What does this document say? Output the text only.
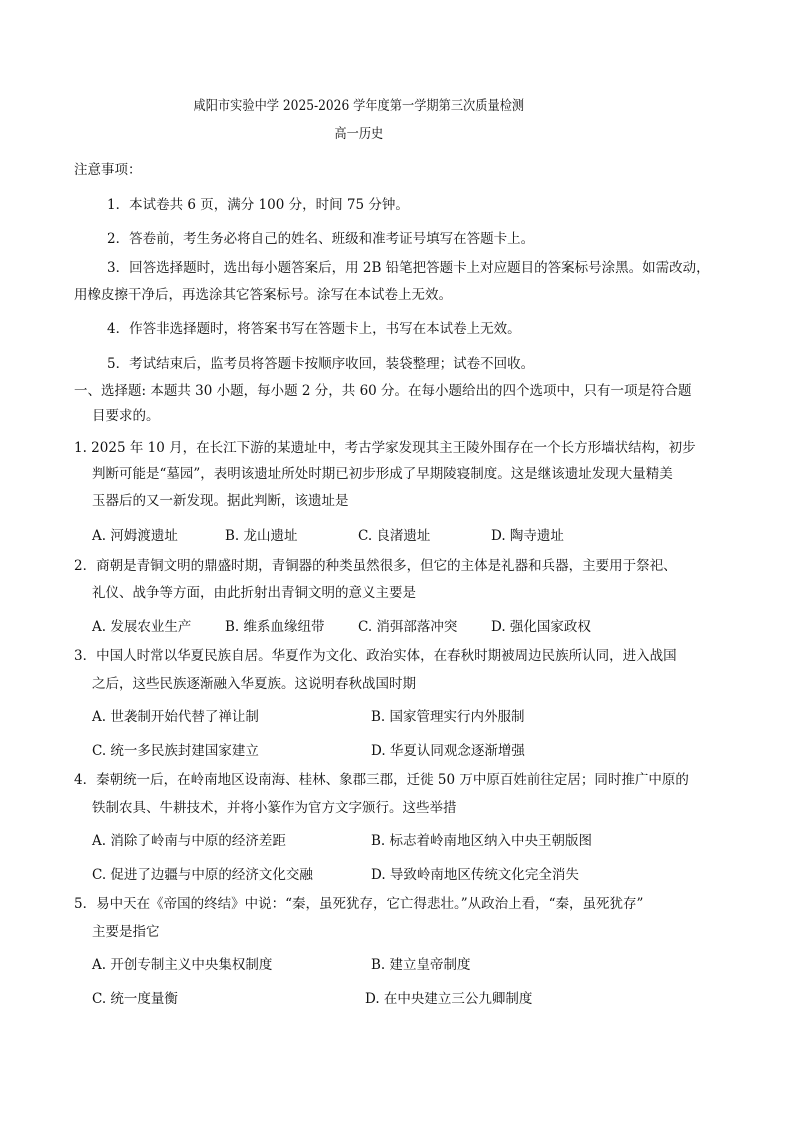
咸阳市实验中学 2025-2026 学年度第一学期第三次质量检测
高一历史
注意事项：
1．本试卷共 6 页，满分 100 分，时间 75 分钟。
2．答卷前，考生务必将自己的姓名、班级和准考证号填写在答题卡上。
3．回答选择题时，选出每小题答案后，用 2B 铅笔把答题卡上对应题目的答案标号涂黑。如需改动，
用橡皮擦干净后，再选涂其它答案标号。涂写在本试卷上无效。
4．作答非选择题时，将答案书写在答题卡上，书写在本试卷上无效。
5．考试结束后，监考员将答题卡按顺序收回，装袋整理；试卷不回收。
一、选择题: 本题共 30 小题，每小题 2 分，共 60 分。在每小题给出的四个选项中，只有一项是符合题
目要求的。
1. 2025 年 10 月，在长江下游的某遗址中，考古学家发现其主王陵外围存在一个长方形墙状结构，初步
判断可能是“墓园”，表明该遗址所处时期已初步形成了早期陵寝制度。这是继该遗址发现大量精美
玉器后的又一新发现。据此判断，该遗址是
A. 河姆渡遗址	B. 龙山遗址	C. 良渚遗址	D. 陶寺遗址
2．商朝是青铜文明的鼎盛时期，青铜器的种类虽然很多，但它的主体是礼器和兵器，主要用于祭祀、
礼仪、战争等方面，由此折射出青铜文明的意义主要是
A. 发展农业生产 B. 维系血缘纽带 C. 消弭部落冲突 D. 强化国家政权
3．中国人时常以华夏民族自居。华夏作为文化、政治实体，在春秋时期被周边民族所认同，进入战国
之后，这些民族逐渐融入华夏族。这说明春秋战国时期
A. 世袭制开始代替了禅让制	B. 国家管理实行内外服制
C. 统一多民族封建国家建立	D. 华夏认同观念逐渐增强
4．秦朝统一后，在岭南地区设南海、桂林、象郡三郡，迁徙 50 万中原百姓前往定居；同时推广中原的
铁制农具、牛耕技术，并将小篆作为官方文字颁行。这些举措
A. 消除了岭南与中原的经济差距	B. 标志着岭南地区纳入中央王朝版图
C. 促进了边疆与中原的经济文化交融	D. 导致岭南地区传统文化完全消失
5．易中天在《帝国的终结》中说：“秦，虽死犹存，它亡得悲壮。”从政治上看，“秦，虽死犹存”
主要是指它
A. 开创专制主义中央集权制度	B. 建立皇帝制度
C. 统一度量衡	D. 在中央建立三公九卿制度
